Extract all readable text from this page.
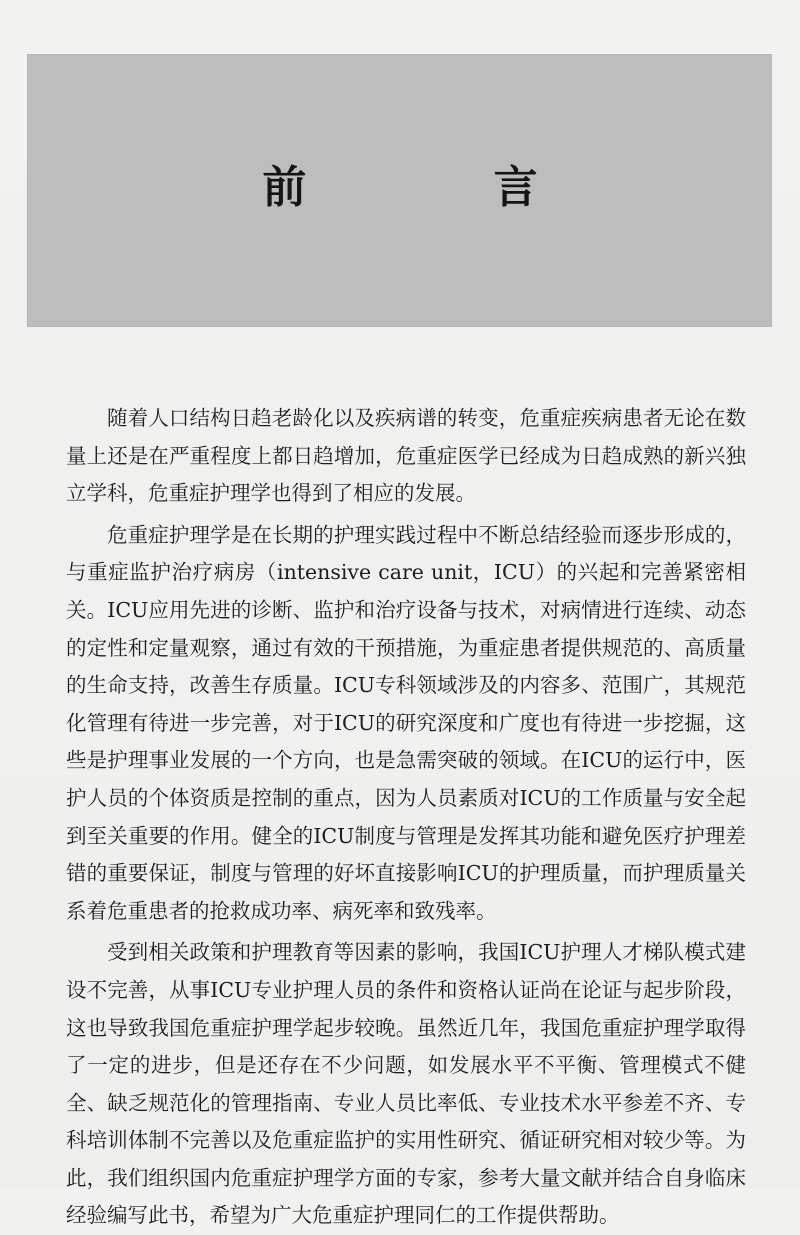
前 言

随着人口结构日趋老龄化以及疾病谱的转变，危重症疾病患者无论在数量上还是在严重程度上都日趋增加，危重症医学已经成为日趋成熟的新兴独立学科，危重症护理学也得到了相应的发展。

危重症护理学是在长期的护理实践过程中不断总结经验而逐步形成的，与重症监护治疗病房（intensive care unit，ICU）的兴起和完善紧密相关。ICU应用先进的诊断、监护和治疗设备与技术，对病情进行连续、动态的定性和定量观察，通过有效的干预措施，为重症患者提供规范的、高质量的生命支持，改善生存质量。ICU专科领域涉及的内容多、范围广，其规范化管理有待进一步完善，对于ICU的研究深度和广度也有待进一步挖掘，这些是护理事业发展的一个方向，也是急需突破的领域。在ICU的运行中，医护人员的个体资质是控制的重点，因为人员素质对ICU的工作质量与安全起到至关重要的作用。健全的ICU制度与管理是发挥其功能和避免医疗护理差错的重要保证，制度与管理的好坏直接影响ICU的护理质量，而护理质量关系着危重患者的抢救成功率、病死率和致残率。

受到相关政策和护理教育等因素的影响，我国ICU护理人才梯队模式建设不完善，从事ICU专业护理人员的条件和资格认证尚在论证与起步阶段，这也导致我国危重症护理学起步较晚。虽然近几年，我国危重症护理学取得了一定的进步，但是还存在不少问题，如发展水平不平衡、管理模式不健全、缺乏规范化的管理指南、专业人员比率低、专业技术水平参差不齐、专科培训体制不完善以及危重症监护的实用性研究、循证研究相对较少等。为此，我们组织国内危重症护理学方面的专家，参考大量文献并结合自身临床经验编写此书，希望为广大危重症护理同仁的工作提供帮助。
